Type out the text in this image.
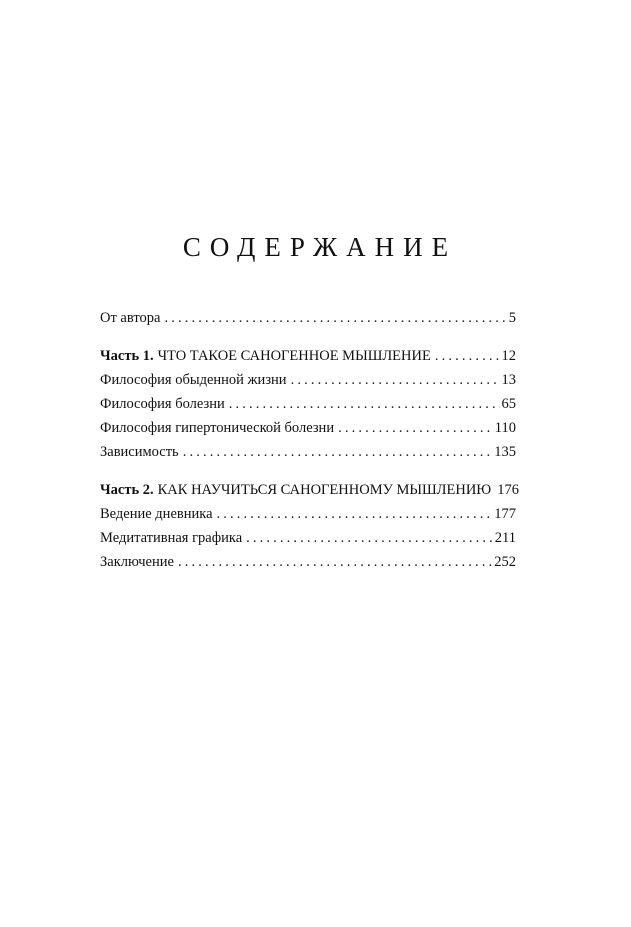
СОДЕРЖАНИЕ
От автора . . .	5
Часть 1. ЧТО ТАКОЕ САНОГЕННОЕ МЫШЛЕНИЕ . . .	12
Философия обыденной жизни . . .	13
Философия болезни . . .	65
Философия гипертонической болезни . . .	110
Зависимость . . .	135
Часть 2. КАК НАУЧИТЬСЯ САНОГЕННОМУ МЫШЛЕНИЮ 176
Ведение дневника . . .	177
Медитативная графика . . .	211
Заключение . . .	252
